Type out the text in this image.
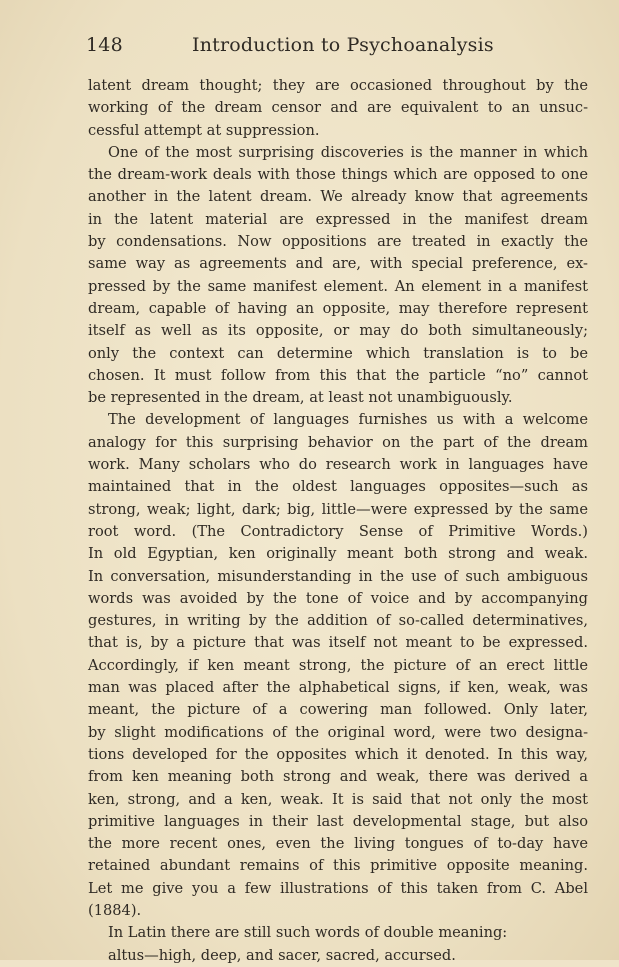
148	Introduction to Psychoanalysis
latent dream thought; they are occasioned throughout by the
working of the dream censor and are equivalent to an unsuc-
cessful attempt at suppression.
One of the most surprising discoveries is the manner in which
the dream-work deals with those things which are opposed to one
another in the latent dream. We already know that agreements
in the latent material are expressed in the manifest dream
by condensations. Now oppositions are treated in exactly the
same way as agreements and are, with special preference, ex-
pressed by the same manifest element. An element in a manifest
dream, capable of having an opposite, may therefore represent
itself as well as its opposite, or may do both simultaneously;
only the context can determine which translation is to be
chosen. It must follow from this that the particle “no” cannot
be represented in the dream, at least not unambiguously.
The development of languages furnishes us with a welcome
analogy for this surprising behavior on the part of the dream
work. Many scholars who do research work in languages have
maintained that in the oldest languages opposites—such as
strong, weak; light, dark; big, little—were expressed by the same
root word. (The Contradictory Sense of Primitive Words.)
In old Egyptian, ken originally meant both strong and weak.
In conversation, misunderstanding in the use of such ambiguous
words was avoided by the tone of voice and by accompanying
gestures, in writing by the addition of so-called determinatives,
that is, by a picture that was itself not meant to be expressed.
Accordingly, if ken meant strong, the picture of an erect little
man was placed after the alphabetical signs, if ken, weak, was
meant, the picture of a cowering man followed. Only later,
by slight modifications of the original word, were two designa-
tions developed for the opposites which it denoted. In this way,
from ken meaning both strong and weak, there was derived a
ken, strong, and a ken, weak. It is said that not only the most
primitive languages in their last developmental stage, but also
the more recent ones, even the living tongues of to-day have
retained abundant remains of this primitive opposite meaning.
Let me give you a few illustrations of this taken from C. Abel
(1884).
In Latin there are still such words of double meaning:
altus—high, deep, and sacer, sacred, accursed.
